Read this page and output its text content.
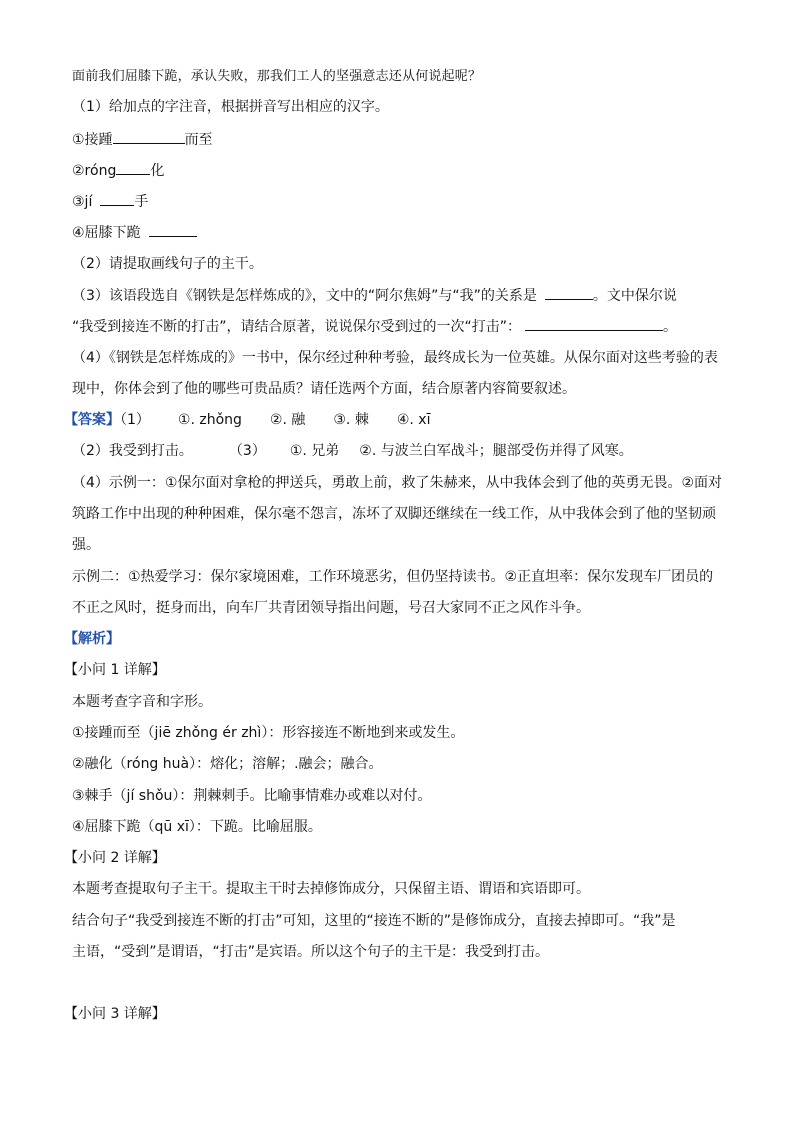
面前我们屈膝下跪，承认失败，那我们工人的坚强意志还从何说起呢？
（1）给加点的字注音，根据拼音写出相应的汉字。
①接踵	而至
②róng 化
③jí	手
④屈膝下跪
（2）请提取画线句子的主干。
（3）该语段选自《钢铁是怎样炼成的》，文中的“阿尔焦姆”与“我”的关系是	。文中保尔说
“我受到接连不断的打击”，请结合原著，说说保尔受到过的一次“打击”：	。
（4）《钢铁是怎样炼成的》一书中，保尔经过种种考验，最终成长为一位英雄。从保尔面对这些考验的表
现中，你体会到了他的哪些可贵品质？请任选两个方面，结合原著内容简要叙述。
【答案】（1） ①. zhǒng ②. 融 ③. 棘 ④. xī
（2）我受到打击。	（3） ①. 兄弟 ②. 与波兰白军战斗；腿部受伤并得了风寒。
（4）示例一：①保尔面对拿枪的押送兵，勇敢上前，救了朱赫来，从中我体会到了他的英勇无畏。②面对
筑路工作中出现的种种困难，保尔毫不怨言，冻坏了双脚还继续在一线工作，从中我体会到了他的坚韧顽
强。
示例二：①热爱学习：保尔家境困难，工作环境恶劣，但仍坚持读书。②正直坦率：保尔发现车厂团员的
不正之风时，挺身而出，向车厂共青团领导指出问题，号召大家同不正之风作斗争。
【解析】
【小问 1 详解】
本题考查字音和字形。
①接踵而至（jiē zhǒng ér zhì）：形容接连不断地到来或发生。
②融化（róng huà）：熔化；溶解；.融会；融合。
③棘手（jí shǒu）：荆棘刺手。比喻事情难办或难以对付。
④屈膝下跪（qū xī）：下跪。比喻屈服。
【小问 2 详解】
本题考查提取句子主干。提取主干时去掉修饰成分，只保留主语、谓语和宾语即可。
结合句子“我受到接连不断的打击”可知，这里的“接连不断的”是修饰成分，直接去掉即可。“我”是
主语，“受到”是谓语，“打击”是宾语。所以这个句子的主干是：我受到打击。
【小问 3 详解】
